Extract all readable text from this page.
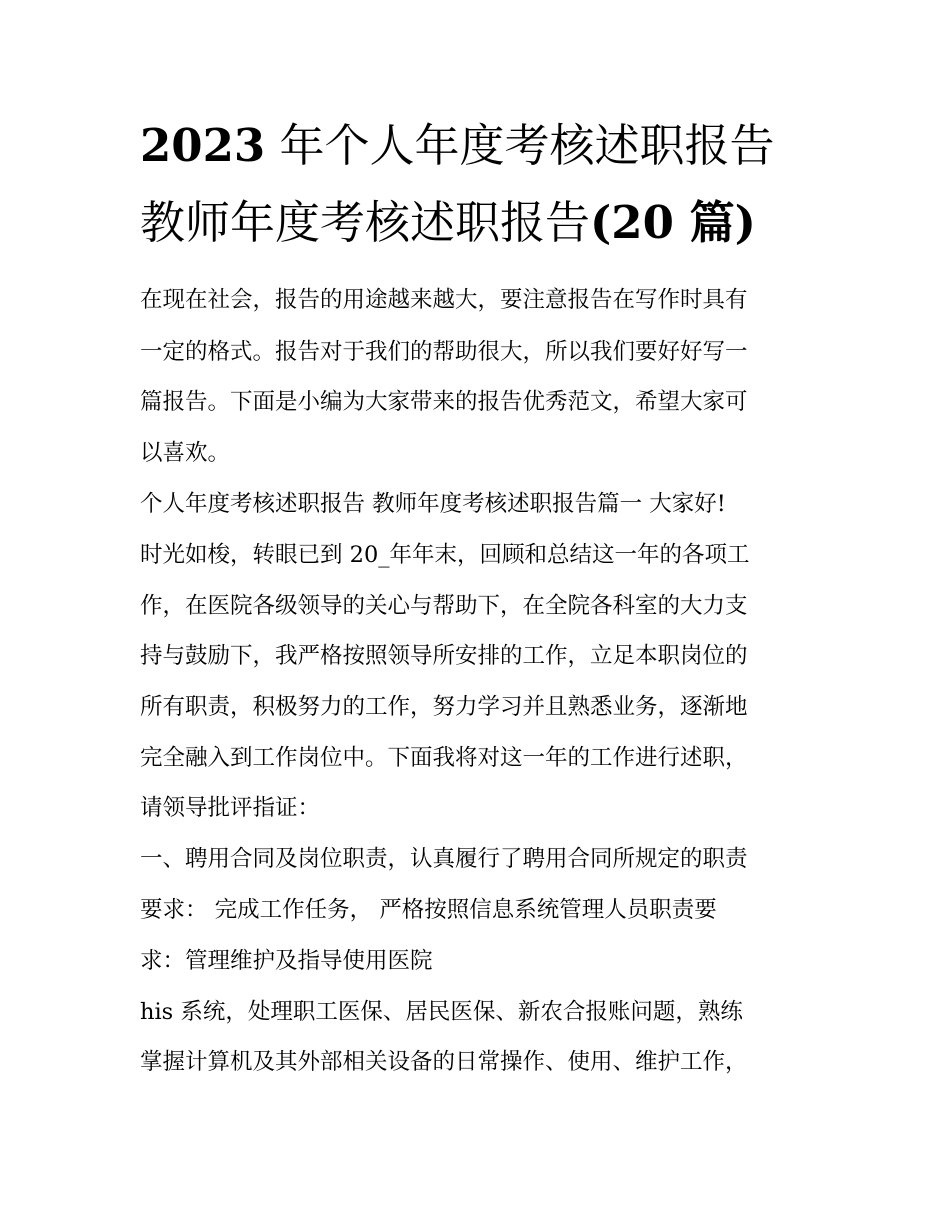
2023 年个人年度考核述职报告
教师年度考核述职报告(20 篇)

在现在社会，报告的用途越来越大，要注意报告在写作时具有

一定的格式。报告对于我们的帮助很大，所以我们要好好写一

篇报告。下面是小编为大家带来的报告优秀范文，希望大家可

以喜欢。

个人年度考核述职报告 教师年度考核述职报告篇一 大家好!

时光如梭，转眼已到 20_年年末，回顾和总结这一年的各项工

作，在医院各级领导的关心与帮助下，在全院各科室的大力支

持与鼓励下，我严格按照领导所安排的工作，立足本职岗位的

所有职责，积极努力的工作，努力学习并且熟悉业务，逐渐地

完全融入到工作岗位中。下面我将对这一年的工作进行述职，

请领导批评指证：

一、聘用合同及岗位职责，认真履行了聘用合同所规定的职责

要求： 完成工作任务， 严格按照信息系统管理人员职责要

求：管理维护及指导使用医院

his 系统，处理职工医保、居民医保、新农合报账问题，熟练

掌握计算机及其外部相关设备的日常操作、使用、维护工作，
